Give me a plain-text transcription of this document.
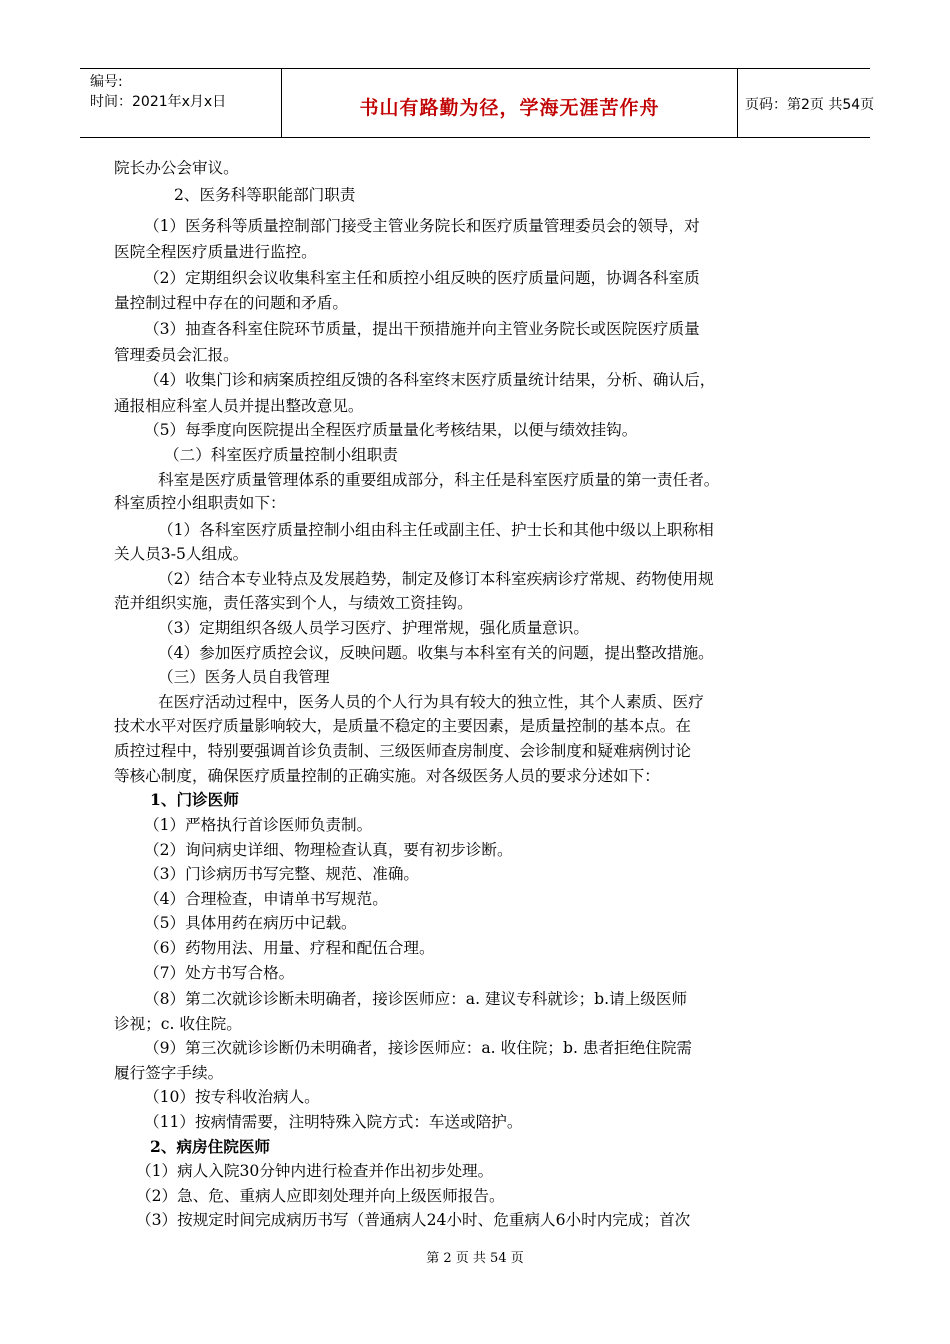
编号:
时间：2021年x月x日	书山有路勤为径，学海无涯苦作舟	页码：第2页 共54页
院长办公会审议。
2、医务科等职能部门职责
（1）医务科等质量控制部门接受主管业务院长和医疗质量管理委员会的领导，对
医院全程医疗质量进行监控。
（2）定期组织会议收集科室主任和质控小组反映的医疗质量问题，协调各科室质
量控制过程中存在的问题和矛盾。
（3）抽查各科室住院环节质量，提出干预措施并向主管业务院长或医院医疗质量
管理委员会汇报。
（4）收集门诊和病案质控组反馈的各科室终末医疗质量统计结果，分析、确认后，
通报相应科室人员并提出整改意见。
（5）每季度向医院提出全程医疗质量量化考核结果，以便与绩效挂钩。
（二）科室医疗质量控制小组职责
科室是医疗质量管理体系的重要组成部分，科主任是科室医疗质量的第一责任者。
科室质控小组职责如下：
（1）各科室医疗质量控制小组由科主任或副主任、护士长和其他中级以上职称相
关人员3-5人组成。
（2）结合本专业特点及发展趋势，制定及修订本科室疾病诊疗常规、药物使用规
范并组织实施，责任落实到个人，与绩效工资挂钩。
（3）定期组织各级人员学习医疗、护理常规，强化质量意识。
（4）参加医疗质控会议，反映问题。收集与本科室有关的问题，提出整改措施。
（三）医务人员自我管理
在医疗活动过程中，医务人员的个人行为具有较大的独立性，其个人素质、医疗
技术水平对医疗质量影响较大，是质量不稳定的主要因素，是质量控制的基本点。在
质控过程中，特别要强调首诊负责制、三级医师查房制度、会诊制度和疑难病例讨论
等核心制度，确保医疗质量控制的正确实施。对各级医务人员的要求分述如下：
1、门诊医师
（1）严格执行首诊医师负责制。
（2）询问病史详细、物理检查认真，要有初步诊断。
（3）门诊病历书写完整、规范、准确。
（4）合理检查，申请单书写规范。
（5）具体用药在病历中记载。
（6）药物用法、用量、疗程和配伍合理。
（7）处方书写合格。
（8）第二次就诊诊断未明确者，接诊医师应：a. 建议专科就诊；b.请上级医师
诊视；c. 收住院。
（9）第三次就诊诊断仍未明确者，接诊医师应：a. 收住院；b. 患者拒绝住院需
履行签字手续。
（10）按专科收治病人。
（11）按病情需要，注明特殊入院方式：车送或陪护。
2、病房住院医师
（1）病人入院30分钟内进行检查并作出初步处理。
（2）急、危、重病人应即刻处理并向上级医师报告。
（3）按规定时间完成病历书写（普通病人24小时、危重病人6小时内完成；首次
第 2 页 共 54 页
